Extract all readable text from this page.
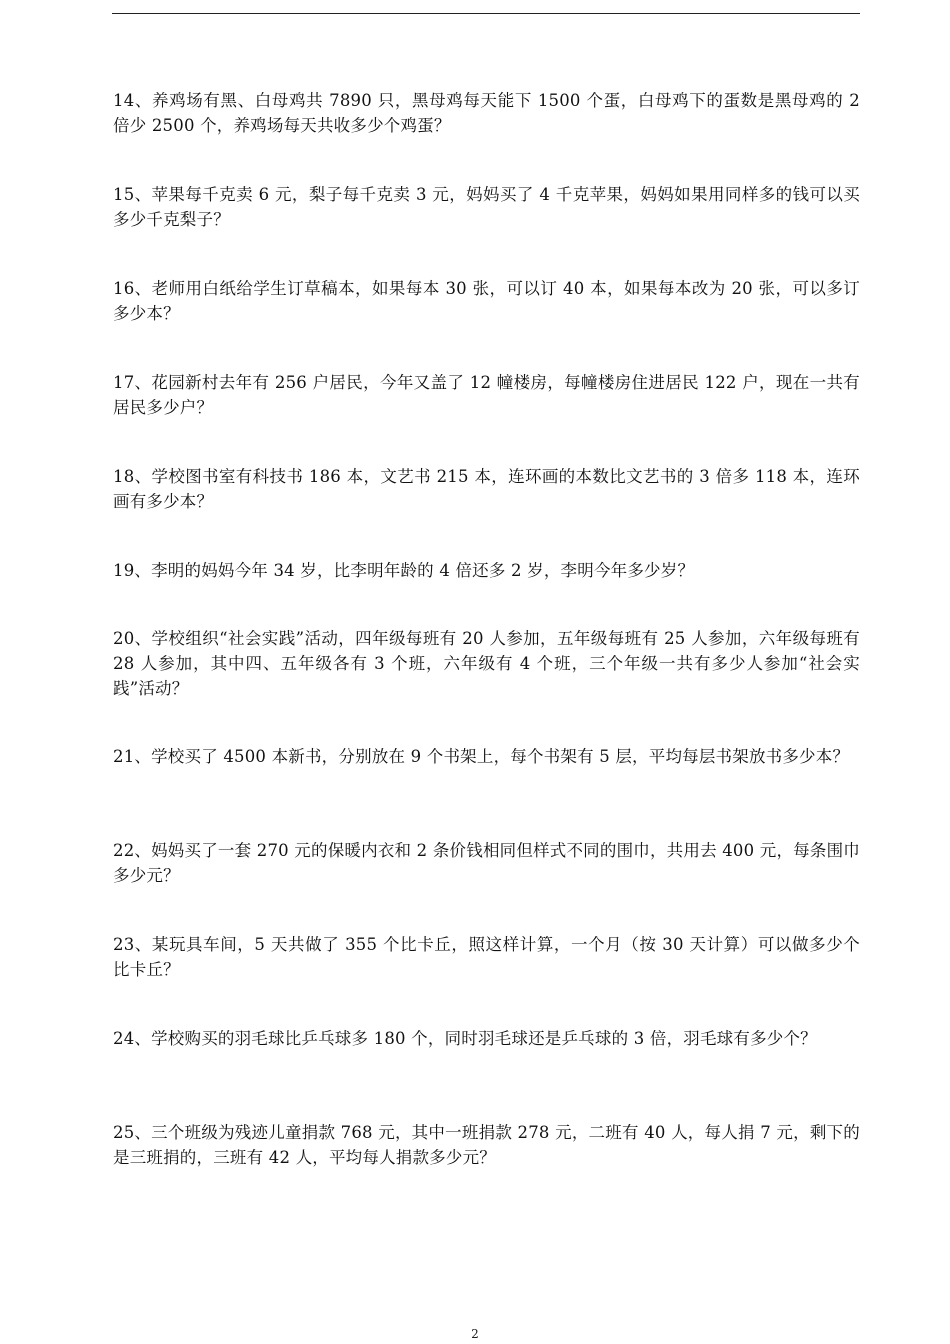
14、养鸡场有黑、白母鸡共 7890 只，黑母鸡每天能下 1500 个蛋，白母鸡下的蛋数是黑母鸡的 2 倍少 2500 个，养鸡场每天共收多少个鸡蛋？
15、苹果每千克卖 6 元，梨子每千克卖 3 元，妈妈买了 4 千克苹果，妈妈如果用同样多的钱可以买多少千克梨子？
16、老师用白纸给学生订草稿本，如果每本 30 张，可以订 40 本，如果每本改为 20 张，可以多订多少本？
17、花园新村去年有 256 户居民，今年又盖了 12 幢楼房，每幢楼房住进居民 122 户，现在一共有居民多少户？
18、学校图书室有科技书 186 本，文艺书 215 本，连环画的本数比文艺书的 3 倍多 118 本，连环画有多少本？
19、李明的妈妈今年 34 岁，比李明年龄的 4 倍还多 2 岁，李明今年多少岁？
20、学校组织“社会实践”活动，四年级每班有 20 人参加，五年级每班有 25 人参加，六年级每班有 28 人参加，其中四、五年级各有 3 个班，六年级有 4 个班，三个年级一共有多少人参加“社会实践”活动？
21、学校买了 4500 本新书，分别放在 9 个书架上，每个书架有 5 层，平均每层书架放书多少本？
22、妈妈买了一套 270 元的保暖内衣和 2 条价钱相同但样式不同的围巾，共用去 400 元，每条围巾多少元？
23、某玩具车间，5 天共做了 355 个比卡丘，照这样计算，一个月（按 30 天计算）可以做多少个比卡丘？
24、学校购买的羽毛球比乒乓球多 180 个，同时羽毛球还是乒乓球的 3 倍，羽毛球有多少个？
25、三个班级为残迹儿童捐款 768 元，其中一班捐款 278 元，二班有 40 人，每人捐 7 元，剩下的是三班捐的，三班有 42 人，平均每人捐款多少元？
2
